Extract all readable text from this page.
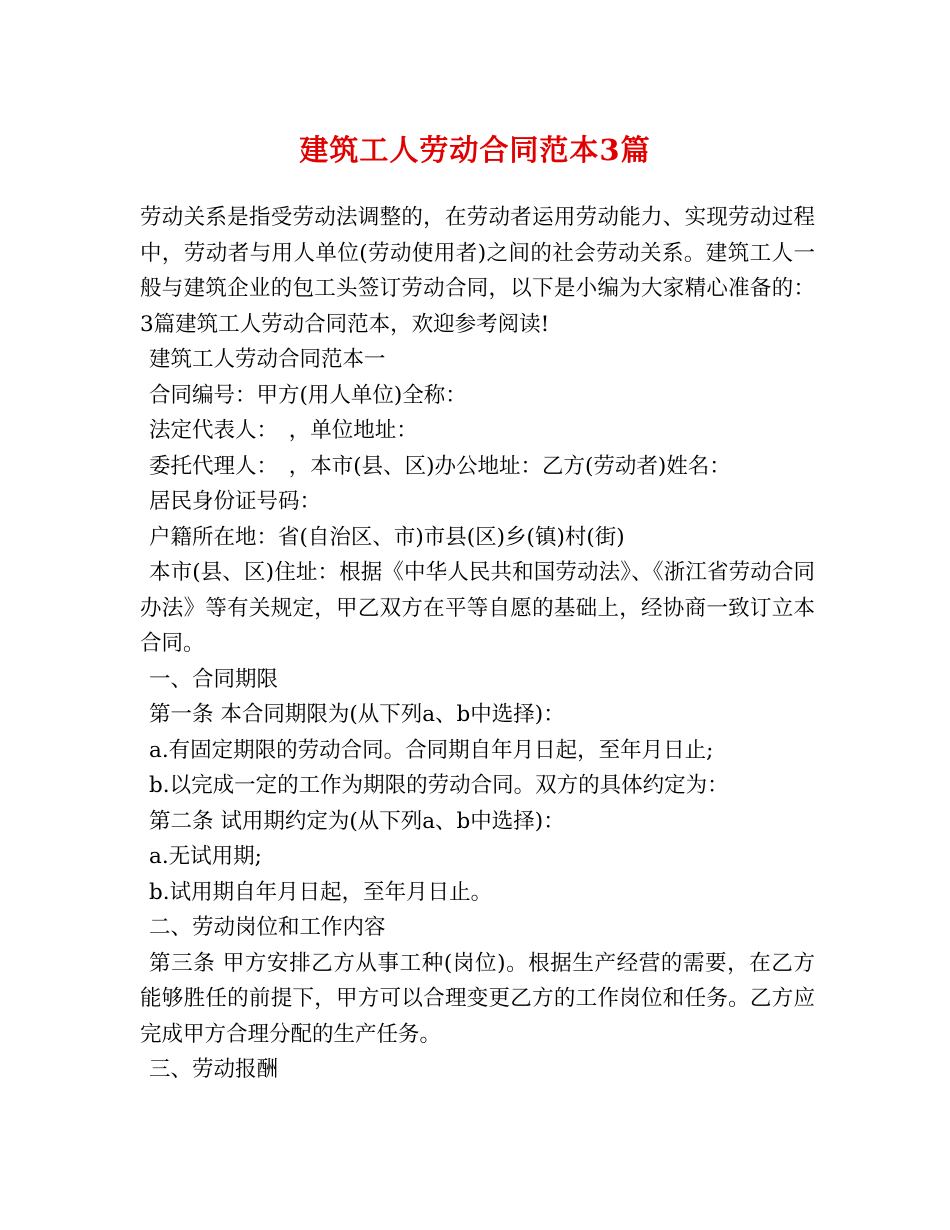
建筑工人劳动合同范本3篇

劳动关系是指受劳动法调整的，在劳动者运用劳动能力、实现劳动过程中，劳动者与用人单位(劳动使用者)之间的社会劳动关系。建筑工人一般与建筑企业的包工头签订劳动合同，以下是小编为大家精心准备的：3篇建筑工人劳动合同范本，欢迎参考阅读!

建筑工人劳动合同范本一

合同编号：甲方(用人单位)全称：

法定代表人：　，单位地址：

委托代理人：　，本市(县、区)办公地址：乙方(劳动者)姓名：

居民身份证号码：

户籍所在地：省(自治区、市)市县(区)乡(镇)村(街)

本市(县、区)住址：根据《中华人民共和国劳动法》、《浙江省劳动合同办法》等有关规定，甲乙双方在平等自愿的基础上，经协商一致订立本合同。

一、合同期限

第一条 本合同期限为(从下列a、b中选择)：

a.有固定期限的劳动合同。合同期自年月日起，至年月日止;

b.以完成一定的工作为期限的劳动合同。双方的具体约定为：

第二条 试用期约定为(从下列a、b中选择)：

a.无试用期;

b.试用期自年月日起，至年月日止。

二、劳动岗位和工作内容

第三条 甲方安排乙方从事工种(岗位)。根据生产经营的需要，在乙方能够胜任的前提下，甲方可以合理变更乙方的工作岗位和任务。乙方应完成甲方合理分配的生产任务。

三、劳动报酬
